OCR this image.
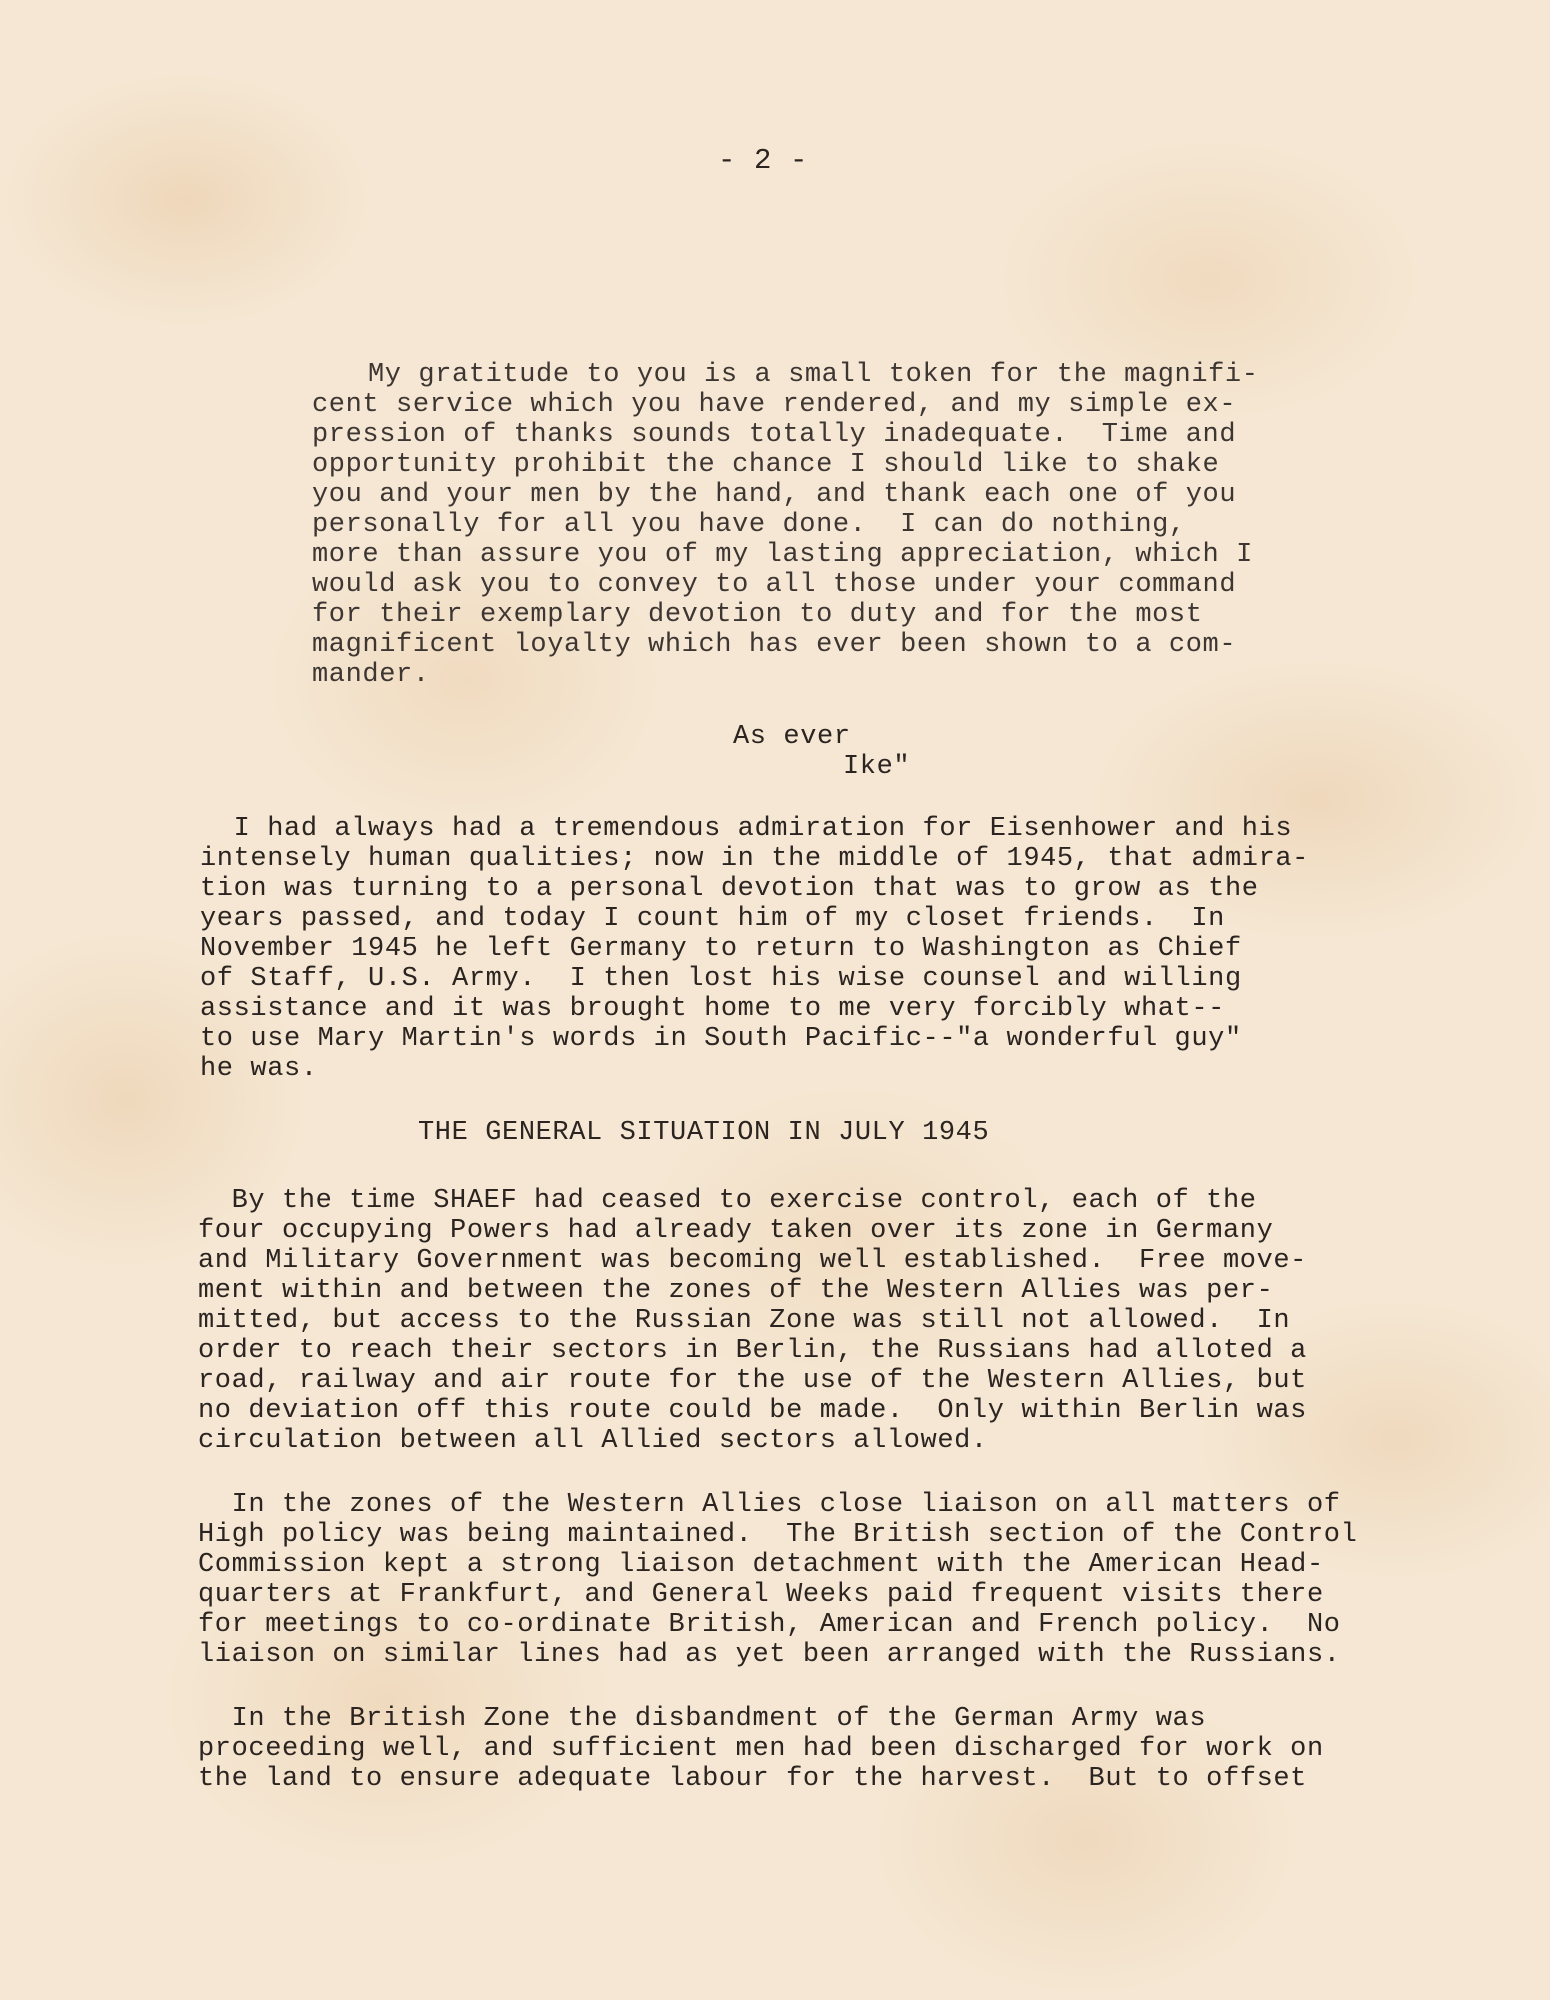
- 2 -
My gratitude to you is a small token for the magnifi-
cent service which you have rendered, and my simple ex-
pression of thanks sounds totally inadequate.  Time and
opportunity prohibit the chance I should like to shake
you and your men by the hand, and thank each one of you
personally for all you have done.  I can do nothing,
more than assure you of my lasting appreciation, which I
would ask you to convey to all those under your command
for their exemplary devotion to duty and for the most
magnificent loyalty which has ever been shown to a com-
mander.
As ever
Ike"
I had always had a tremendous admiration for Eisenhower and his
intensely human qualities; now in the middle of 1945, that admira-
tion was turning to a personal devotion that was to grow as the
years passed, and today I count him of my closet friends.  In
November 1945 he left Germany to return to Washington as Chief
of Staff, U.S. Army.  I then lost his wise counsel and willing
assistance and it was brought home to me very forcibly what--
to use Mary Martin's words in South Pacific--"a wonderful guy"
he was.
THE GENERAL SITUATION IN JULY 1945
By the time SHAEF had ceased to exercise control, each of the
four occupying Powers had already taken over its zone in Germany
and Military Government was becoming well established.  Free move-
ment within and between the zones of the Western Allies was per-
mitted, but access to the Russian Zone was still not allowed.  In
order to reach their sectors in Berlin, the Russians had alloted a
road, railway and air route for the use of the Western Allies, but
no deviation off this route could be made.  Only within Berlin was
circulation between all Allied sectors allowed.
In the zones of the Western Allies close liaison on all matters of
High policy was being maintained.  The British section of the Control
Commission kept a strong liaison detachment with the American Head-
quarters at Frankfurt, and General Weeks paid frequent visits there
for meetings to co-ordinate British, American and French policy.  No
liaison on similar lines had as yet been arranged with the Russians.
In the British Zone the disbandment of the German Army was
proceeding well, and sufficient men had been discharged for work on
the land to ensure adequate labour for the harvest.  But to offset
